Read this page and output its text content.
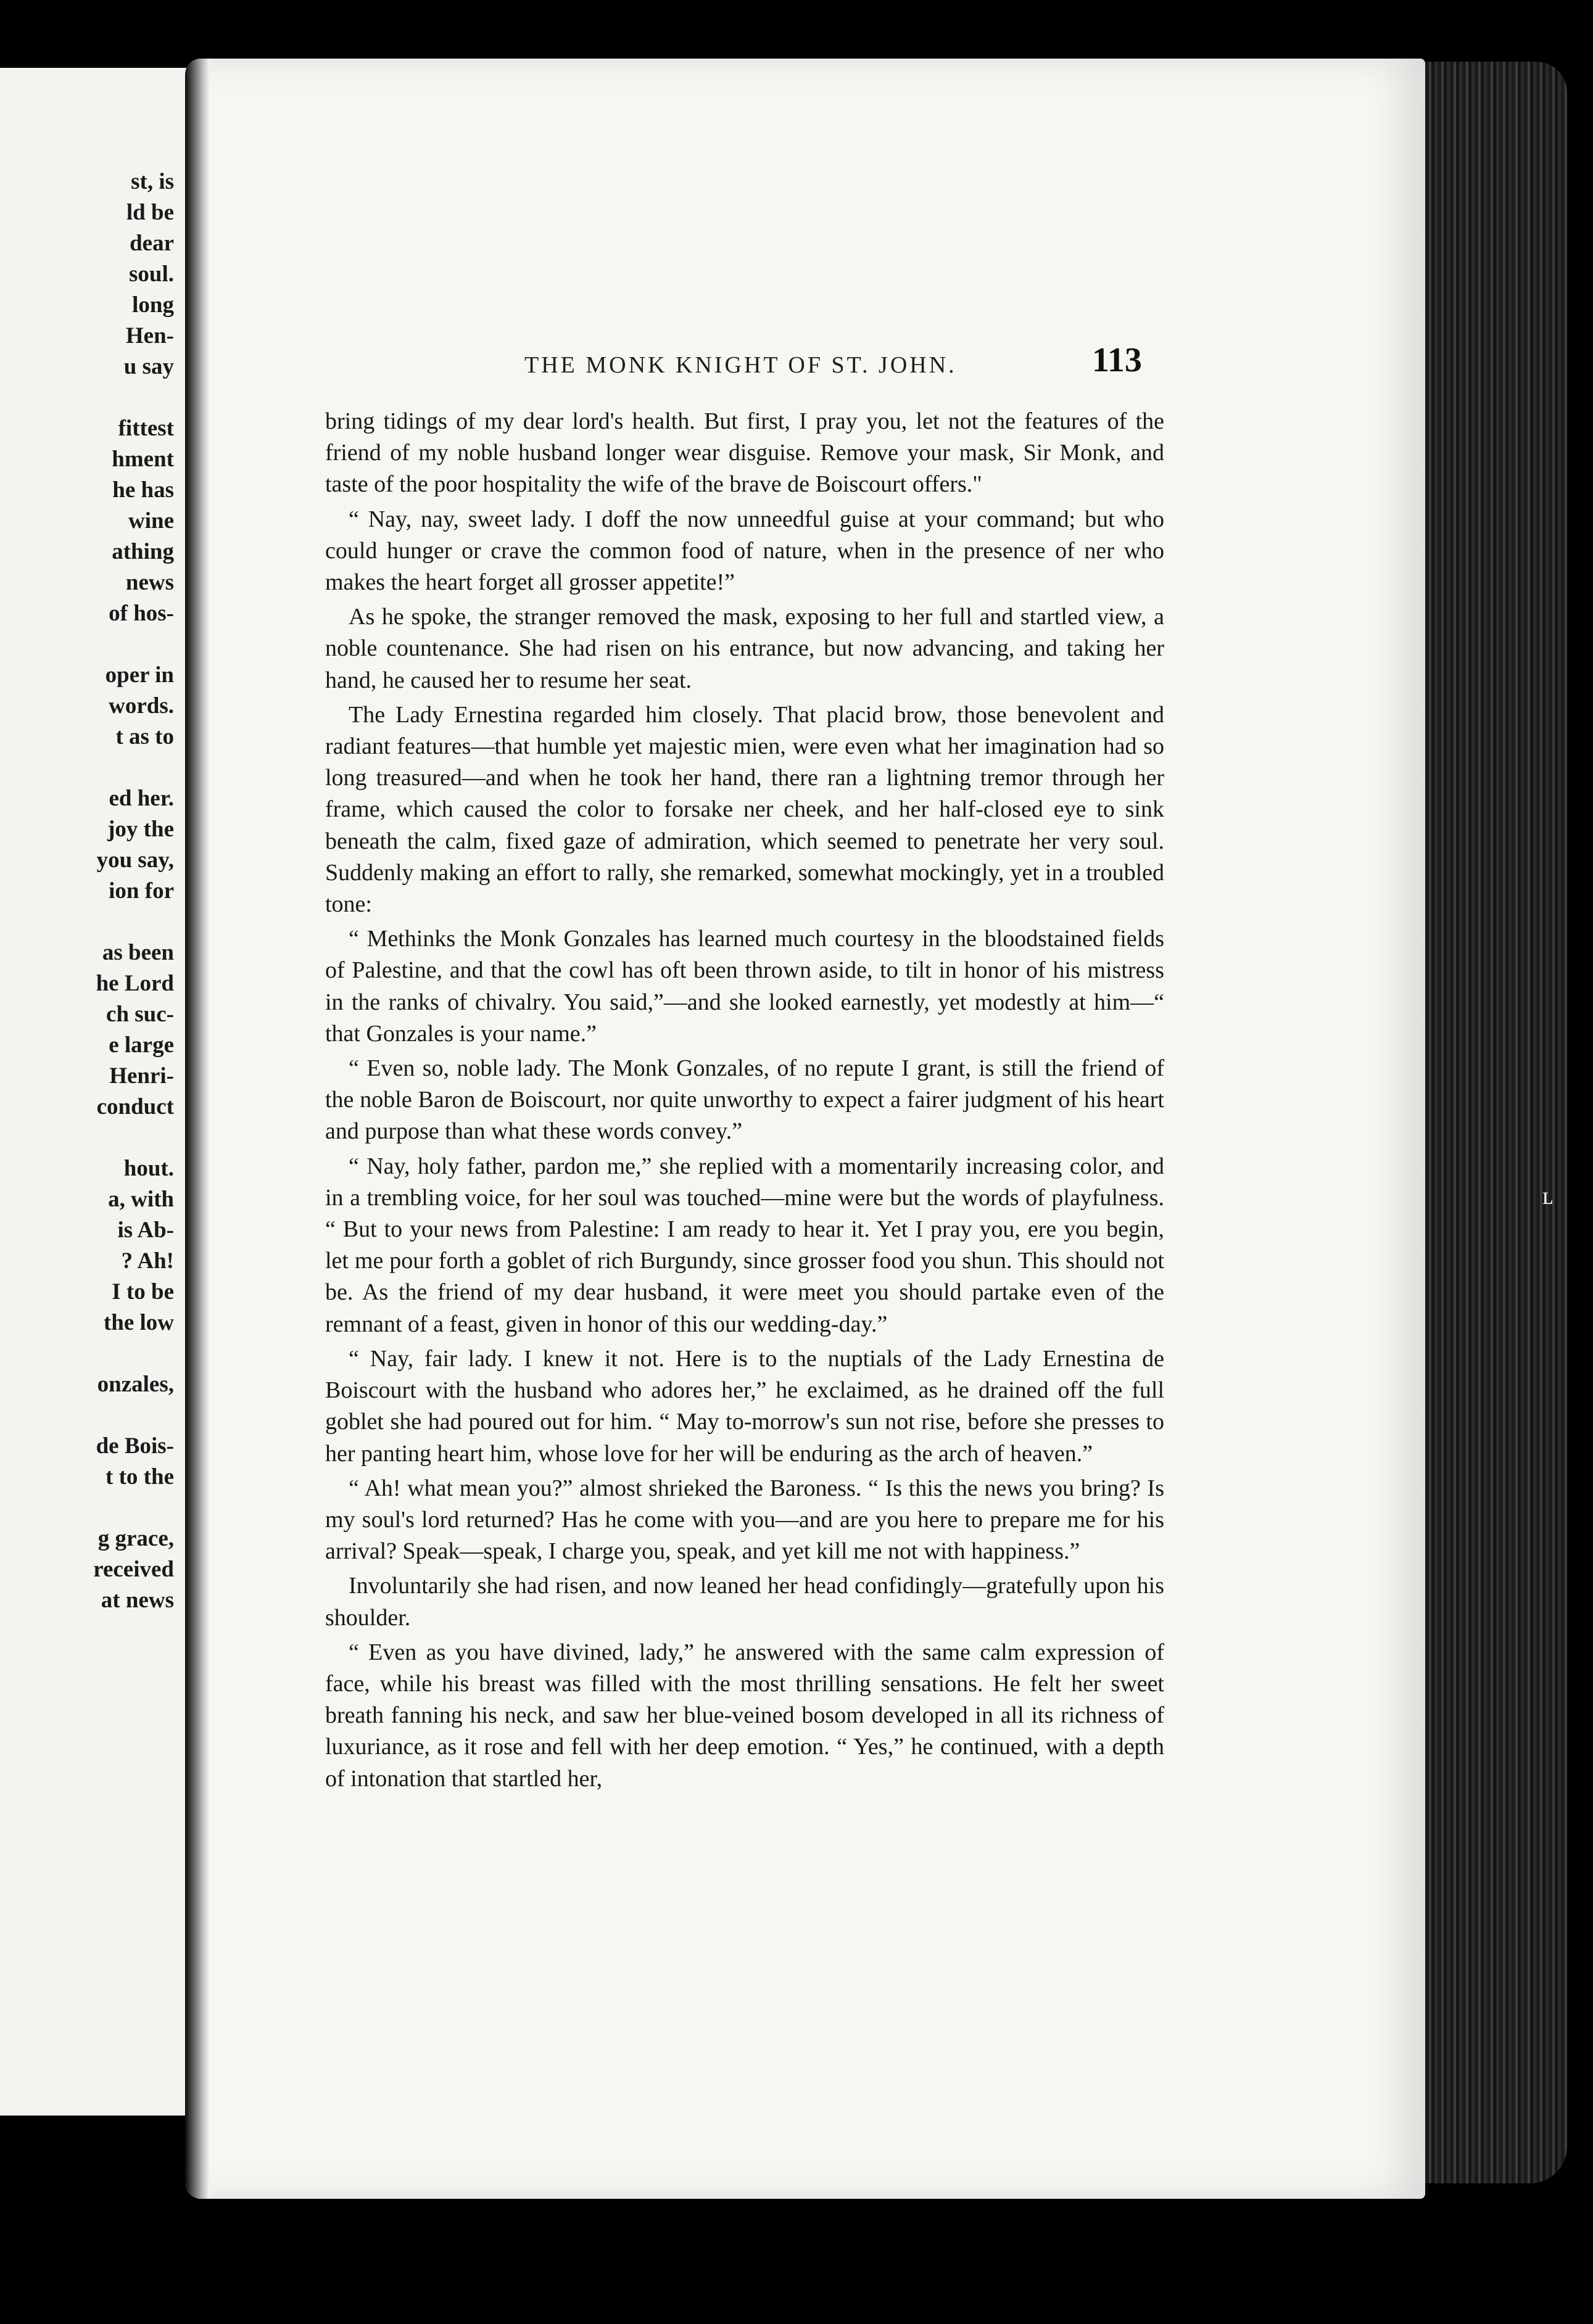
st, is
ld be
dear
soul.
long
Hen-
u say
fittest
hment
he has
wine
athing
news
of hos-
oper in
words.
t as to
ed her.
joy the
you say,
ion for
as been
he Lord
ch suc-
e large
Henri-
conduct
hout.
a, with
is Ab-
? Ah!
I to be
the low
onzales,
de Bois-
t to the
g grace,
received
at news
THE MONK KNIGHT OF ST. JOHN.	113

bring tidings of my dear lord's health. But first, I pray you, let not the features of the friend of my noble husband longer wear disguise. Remove your mask, Sir Monk, and taste of the poor hospitality the wife of the brave de Boiscourt offers."

“ Nay, nay, sweet lady. I doff the now unneedful guise at your command; but who could hunger or crave the common food of nature, when in the presence of ner who makes the heart forget all grosser appetite!”

As he spoke, the stranger removed the mask, exposing to her full and startled view, a noble countenance. She had risen on his entrance, but now advancing, and taking her hand, he caused her to resume her seat.

The Lady Ernestina regarded him closely. That placid brow, those benevolent and radiant features—that humble yet majestic mien, were even what her imagination had so long treasured—and when he took her hand, there ran a lightning tremor through her frame, which caused the color to forsake ner cheek, and her half-closed eye to sink beneath the calm, fixed gaze of admiration, which seemed to penetrate her very soul. Suddenly making an effort to rally, she remarked, somewhat mockingly, yet in a troubled tone:

“ Methinks the Monk Gonzales has learned much courtesy in the bloodstained fields of Palestine, and that the cowl has oft been thrown aside, to tilt in honor of his mistress in the ranks of chivalry. You said,”—and she looked earnestly, yet modestly at him—“ that Gonzales is your name.”

“ Even so, noble lady. The Monk Gonzales, of no repute I grant, is still the friend of the noble Baron de Boiscourt, nor quite unworthy to expect a fairer judgment of his heart and purpose than what these words convey.”

“ Nay, holy father, pardon me,” she replied with a momentarily increasing color, and in a trembling voice, for her soul was touched—mine were but the words of playfulness. “ But to your news from Palestine: I am ready to hear it. Yet I pray you, ere you begin, let me pour forth a goblet of rich Burgundy, since grosser food you shun. This should not be. As the friend of my dear husband, it were meet you should partake even of the remnant of a feast, given in honor of this our wedding-day.”

“ Nay, fair lady. I knew it not. Here is to the nuptials of the Lady Ernestina de Boiscourt with the husband who adores her,” he exclaimed, as he drained off the full goblet she had poured out for him. “ May to-morrow's sun not rise, before she presses to her panting heart him, whose love for her will be enduring as the arch of heaven.”

“ Ah! what mean you?” almost shrieked the Baroness. “ Is this the news you bring? Is my soul's lord returned? Has he come with you—and are you here to prepare me for his arrival? Speak—speak, I charge you, speak, and yet kill me not with happiness.”

Involuntarily she had risen, and now leaned her head confidingly—gratefully upon his shoulder.

“ Even as you have divined, lady,” he answered with the same calm expression of face, while his breast was filled with the most thrilling sensations. He felt her sweet breath fanning his neck, and saw her blue-veined bosom developed in all its richness of luxuriance, as it rose and fell with her deep emotion. “ Yes,” he continued, with a depth of intonation that startled her,

ʟ
